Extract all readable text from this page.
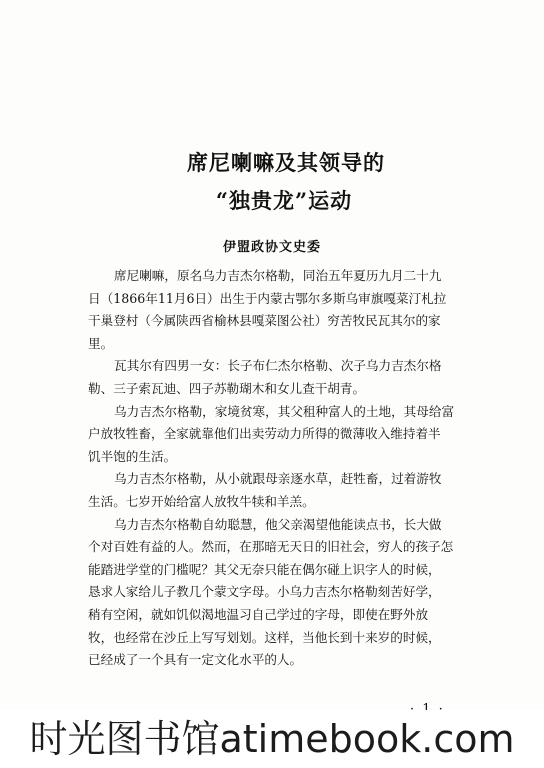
席尼喇嘛及其领导的
“独贵龙”运动
伊盟政协文史委
席尼喇嘛，原名乌力吉杰尔格勒，同治五年夏历九月二十九
日（1866年11月6日）出生于内蒙古鄂尔多斯乌审旗嘎菜汀札拉
干巢登村（今属陕西省榆林县嘎菜图公社）穷苦牧民瓦其尔的家
里。
瓦其尔有四男一女：长子布仁杰尔格勒、次子乌力吉杰尔格
勒、三子索瓦迪、四子苏勒瑚木和女儿查干胡青。
乌力吉杰尔格勒，家境贫寒，其父租种富人的土地，其母给富
户放牧牲畜，全家就靠他们出卖劳动力所得的微薄收入维持着半
饥半饱的生活。
乌力吉杰尔格勒，从小就跟母亲逐水草，赶牲畜，过着游牧
生活。七岁开始给富人放牧牛犊和羊羔。
乌力吉杰尔格勒自幼聪慧，他父亲渴望他能读点书，长大做
个对百姓有益的人。然而，在那暗无天日的旧社会，穷人的孩子怎
能踏进学堂的门槛呢？其父无奈只能在偶尔碰上识字人的时候，
恳求人家给儿子教几个蒙文字母。小乌力吉杰尔格勒刻苦好学，
稍有空闲，就如饥似渴地温习自己学过的字母，即使在野外放
牧，也经常在沙丘上写写划划。这样，当他长到十来岁的时候，
已经成了一个具有一定文化水平的人。
时光图书馆atimebook.com
